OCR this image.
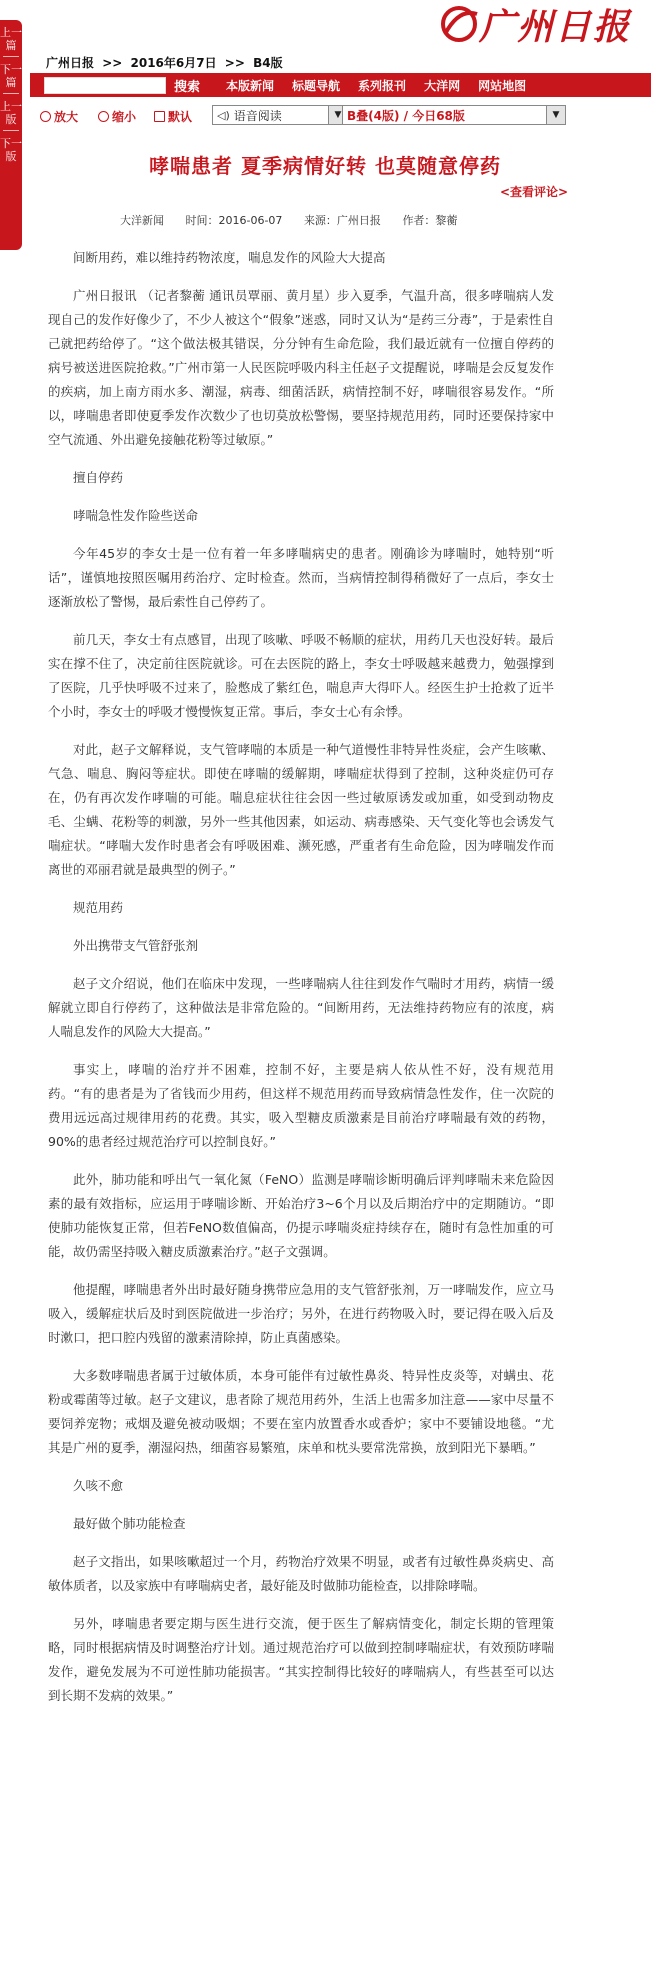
上一篇
下一篇
上一版
下一版
广州日报
广州日报 >> 2016年6月7日 >> B4版
搜索 本版新闻 标题导航 系列报刊 大洋网 网站地图
放大	缩小	默认	◁) 语音阅读	▼ B叠(4版) / 今日68版	▼
哮喘患者 夏季病情好转 也莫随意停药
<查看评论>
大洋新闻 时间：2016-06-07 来源：广州日报 作者：黎蘅

间断用药，难以维持药物浓度，喘息发作的风险大大提高

广州日报讯 （记者黎蘅 通讯员覃丽、黄月星）步入夏季，气温升高，很多哮喘病人发现自己的发作好像少了，不少人被这个“假象”迷惑，同时又认为“是药三分毒”，于是索性自己就把药给停了。“这个做法极其错误，分分钟有生命危险，我们最近就有一位擅自停药的病号被送进医院抢救。”广州市第一人民医院呼吸内科主任赵子文提醒说，哮喘是会反复发作的疾病，加上南方雨水多、潮湿，病毒、细菌活跃，病情控制不好，哮喘很容易发作。“所以，哮喘患者即使夏季发作次数少了也切莫放松警惕，要坚持规范用药，同时还要保持家中空气流通、外出避免接触花粉等过敏原。”

擅自停药

哮喘急性发作险些送命

今年45岁的李女士是一位有着一年多哮喘病史的患者。刚确诊为哮喘时，她特别“听话”，谨慎地按照医嘱用药治疗、定时检查。然而，当病情控制得稍微好了一点后，李女士逐渐放松了警惕，最后索性自己停药了。

前几天，李女士有点感冒，出现了咳嗽、呼吸不畅顺的症状，用药几天也没好转。最后实在撑不住了，决定前往医院就诊。可在去医院的路上，李女士呼吸越来越费力，勉强撑到了医院，几乎快呼吸不过来了，脸憋成了紫红色，喘息声大得吓人。经医生护士抢救了近半个小时，李女士的呼吸才慢慢恢复正常。事后，李女士心有余悸。

对此，赵子文解释说，支气管哮喘的本质是一种气道慢性非特异性炎症，会产生咳嗽、气急、喘息、胸闷等症状。即使在哮喘的缓解期，哮喘症状得到了控制，这种炎症仍可存在，仍有再次发作哮喘的可能。喘息症状往往会因一些过敏原诱发或加重，如受到动物皮毛、尘螨、花粉等的刺激，另外一些其他因素，如运动、病毒感染、天气变化等也会诱发气喘症状。“哮喘大发作时患者会有呼吸困难、濒死感，严重者有生命危险，因为哮喘发作而离世的邓丽君就是最典型的例子。”

规范用药

外出携带支气管舒张剂

赵子文介绍说，他们在临床中发现，一些哮喘病人往往到发作气喘时才用药，病情一缓解就立即自行停药了，这种做法是非常危险的。“间断用药，无法维持药物应有的浓度，病人喘息发作的风险大大提高。”

事实上，哮喘的治疗并不困难，控制不好，主要是病人依从性不好，没有规范用药。“有的患者是为了省钱而少用药，但这样不规范用药而导致病情急性发作，住一次院的费用远远高过规律用药的花费。其实，吸入型糖皮质激素是目前治疗哮喘最有效的药物，90%的患者经过规范治疗可以控制良好。”

此外，肺功能和呼出气一氧化氮（FeNO）监测是哮喘诊断明确后评判哮喘未来危险因素的最有效指标，应运用于哮喘诊断、开始治疗3~6个月以及后期治疗中的定期随访。“即使肺功能恢复正常，但若FeNO数值偏高，仍提示哮喘炎症持续存在，随时有急性加重的可能，故仍需坚持吸入糖皮质激素治疗。”赵子文强调。

他提醒，哮喘患者外出时最好随身携带应急用的支气管舒张剂，万一哮喘发作，应立马吸入，缓解症状后及时到医院做进一步治疗；另外，在进行药物吸入时，要记得在吸入后及时漱口，把口腔内残留的激素清除掉，防止真菌感染。

大多数哮喘患者属于过敏体质，本身可能伴有过敏性鼻炎、特异性皮炎等，对螨虫、花粉或霉菌等过敏。赵子文建议，患者除了规范用药外，生活上也需多加注意——家中尽量不要饲养宠物；戒烟及避免被动吸烟；不要在室内放置香水或香炉；家中不要铺设地毯。“尤其是广州的夏季，潮湿闷热，细菌容易繁殖，床单和枕头要常洗常换，放到阳光下暴晒。”

久咳不愈

最好做个肺功能检查

赵子文指出，如果咳嗽超过一个月，药物治疗效果不明显，或者有过敏性鼻炎病史、高敏体质者，以及家族中有哮喘病史者，最好能及时做肺功能检查，以排除哮喘。

另外，哮喘患者要定期与医生进行交流，便于医生了解病情变化，制定长期的管理策略，同时根据病情及时调整治疗计划。通过规范治疗可以做到控制哮喘症状，有效预防哮喘发作，避免发展为不可逆性肺功能损害。“其实控制得比较好的哮喘病人，有些甚至可以达到长期不发病的效果。”
